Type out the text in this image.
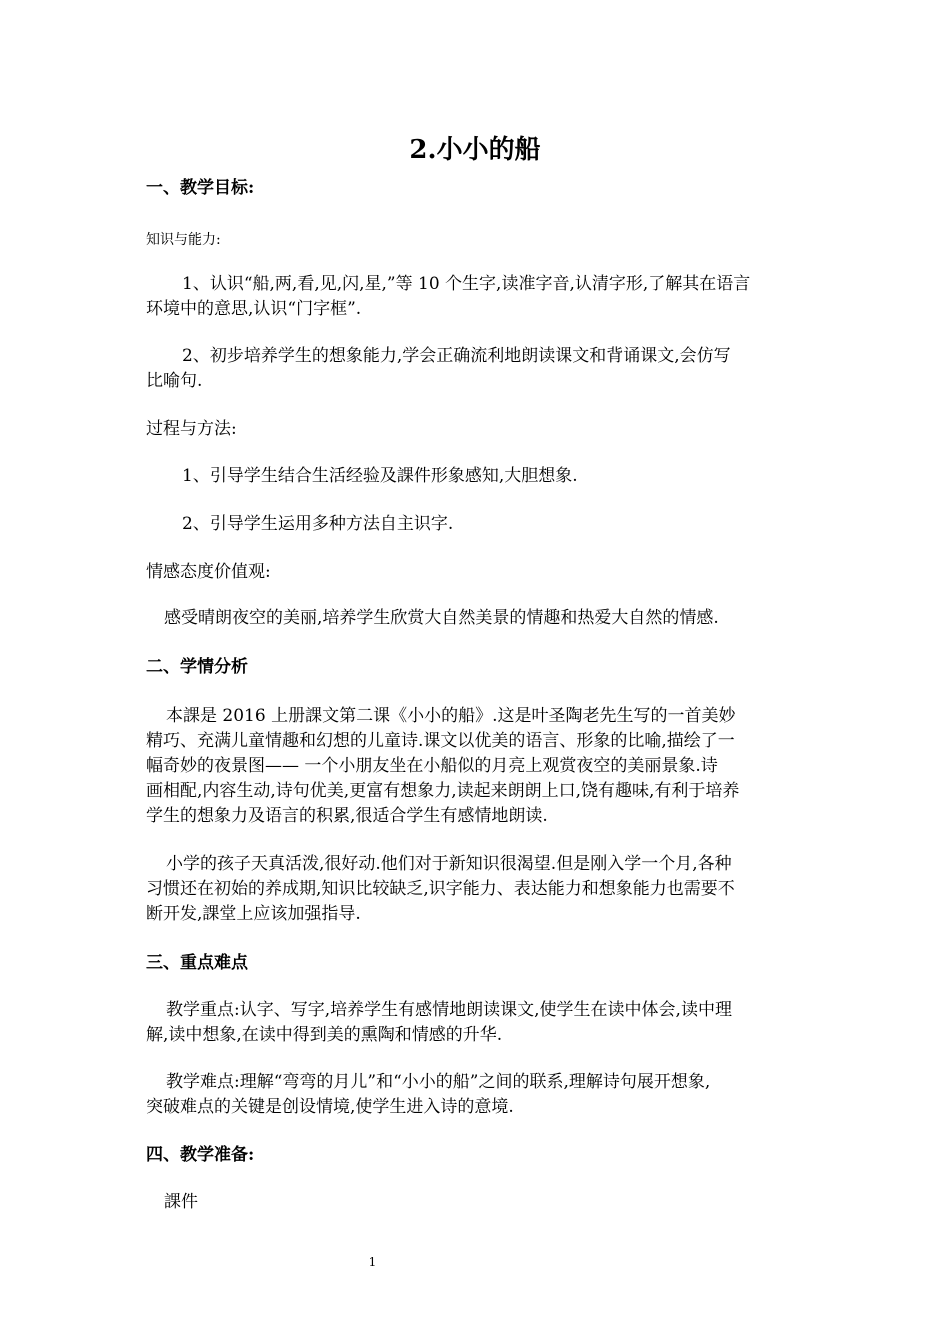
2.小小的船
一、教学目标:
知识与能力:
1、认识“船,两,看,见,闪,星,”等 10 个生字,读准字音,认清字形,了解其在语言
环境中的意思,认识“门字框”.
2、初步培养学生的想象能力,学会正确流利地朗读课文和背诵课文,会仿写
比喻句.
过程与方法:
1、引导学生结合生活经验及課件形象感知,大胆想象.
2、引导学生运用多种方法自主识字.
情感态度价值观:
感受晴朗夜空的美丽,培养学生欣赏大自然美景的情趣和热爱大自然的情感.
二、学情分析
本課是 2016 上册課文第二课《小小的船》.这是叶圣陶老先生写的一首美妙
精巧、充满儿童情趣和幻想的儿童诗.课文以优美的语言、形象的比喻,描绘了一
幅奇妙的夜景图—— 一个小朋友坐在小船似的月亮上观赏夜空的美丽景象.诗
画相配,内容生动,诗句优美,更富有想象力,读起来朗朗上口,饶有趣味,有利于培养
学生的想象力及语言的积累,很适合学生有感情地朗读.
小学的孩子天真活泼,很好动.他们对于新知识很渴望.但是刚入学一个月,各种
习惯还在初始的养成期,知识比较缺乏,识字能力、表达能力和想象能力也需要不
断开发,課堂上应该加强指导.
三、重点难点
教学重点:认字、写字,培养学生有感情地朗读课文,使学生在读中体会,读中理
解,读中想象,在读中得到美的熏陶和情感的升华.
教学难点:理解“弯弯的月儿”和“小小的船”之间的联系,理解诗句展开想象,
突破难点的关键是创设情境,使学生进入诗的意境.
四、教学准备:
課件
1
